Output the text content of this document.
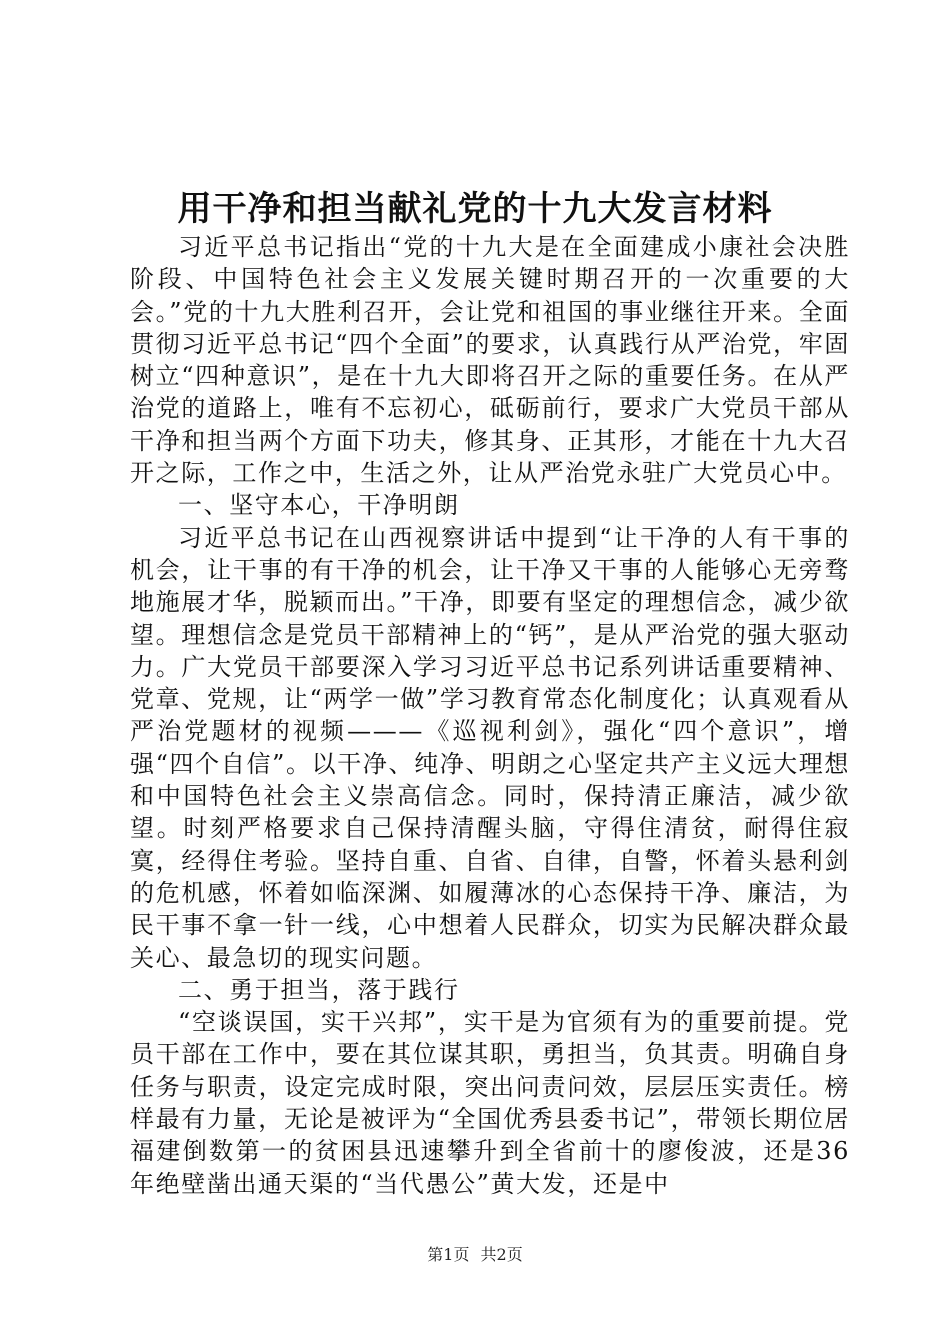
用干净和担当献礼党的十九大发言材料

习近平总书记指出“党的十九大是在全面建成小康社会决胜阶段、中国特色社会主义发展关键时期召开的一次重要的大会。”党的十九大胜利召开，会让党和祖国的事业继往开来。全面贯彻习近平总书记“四个全面”的要求，认真践行从严治党，牢固树立“四种意识”，是在十九大即将召开之际的重要任务。在从严治党的道路上，唯有不忘初心，砥砺前行，要求广大党员干部从干净和担当两个方面下功夫，修其身、正其形，才能在十九大召开之际，工作之中，生活之外，让从严治党永驻广大党员心中。

一、坚守本心，干净明朗

习近平总书记在山西视察讲话中提到“让干净的人有干事的机会，让干事的有干净的机会，让干净又干事的人能够心无旁骛地施展才华，脱颖而出。”干净，即要有坚定的理想信念，减少欲望。理想信念是党员干部精神上的“钙”，是从严治党的强大驱动力。广大党员干部要深入学习习近平总书记系列讲话重要精神、党章、党规，让“两学一做”学习教育常态化制度化；认真观看从严治党题材的视频———《巡视利剑》，强化“四个意识”，增强“四个自信”。以干净、纯净、明朗之心坚定共产主义远大理想和中国特色社会主义崇高信念。同时，保持清正廉洁，减少欲望。时刻严格要求自己保持清醒头脑，守得住清贫，耐得住寂寞，经得住考验。坚持自重、自省、自律，自警，怀着头悬利剑的危机感，怀着如临深渊、如履薄冰的心态保持干净、廉洁，为民干事不拿一针一线，心中想着人民群众，切实为民解决群众最关心、最急切的现实问题。

二、勇于担当，落于践行

“空谈误国，实干兴邦”，实干是为官须有为的重要前提。党员干部在工作中，要在其位谋其职，勇担当，负其责。明确自身任务与职责，设定完成时限，突出问责问效，层层压实责任。榜样最有力量，无论是被评为“全国优秀县委书记”，带领长期位居福建倒数第一的贫困县迅速攀升到全省前十的廖俊波，还是36年绝壁凿出通天渠的“当代愚公”黄大发，还是中

第1页 共2页
